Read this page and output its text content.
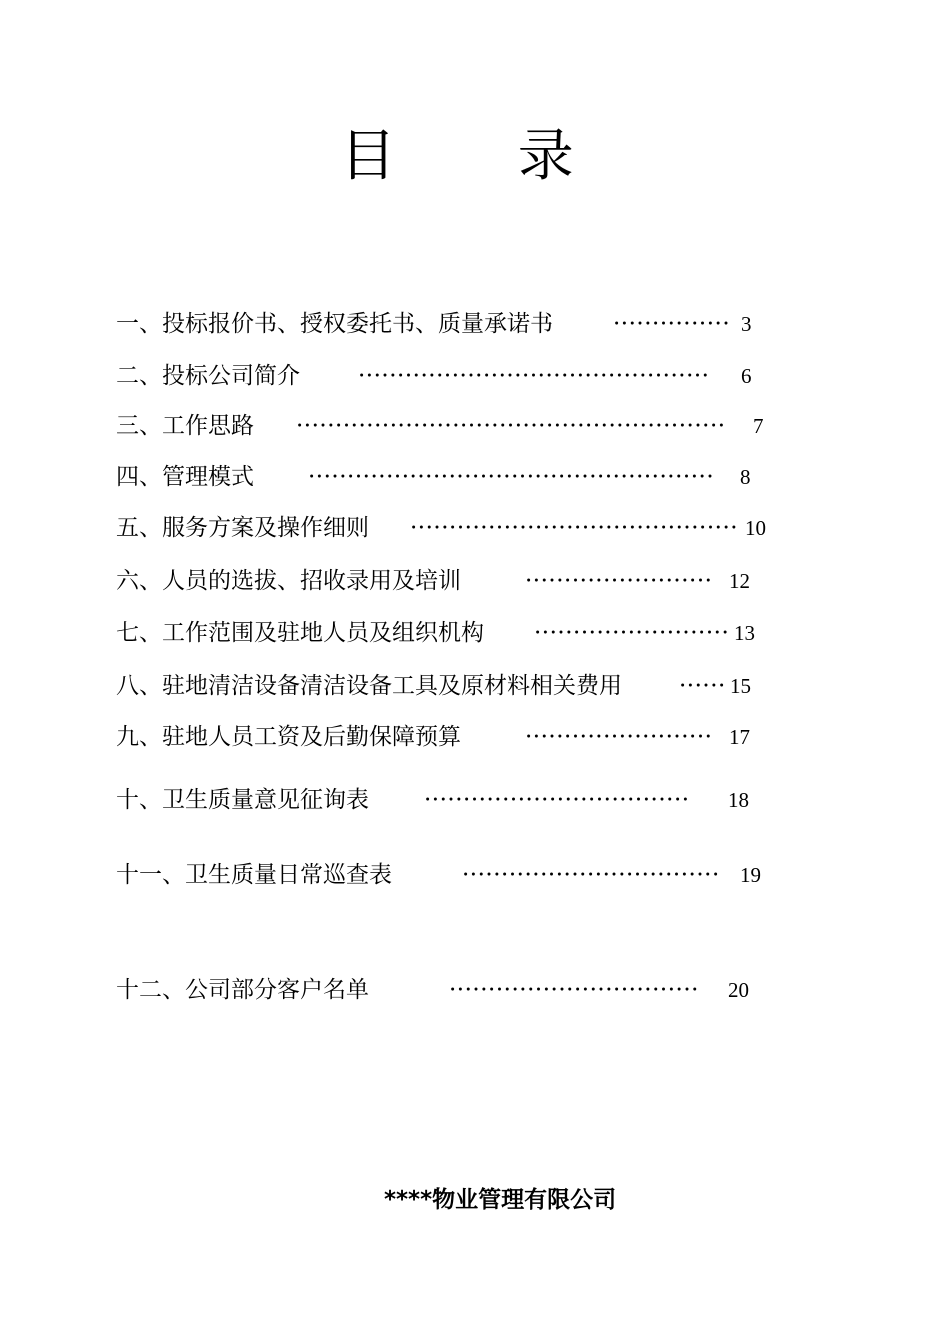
目 录
一、投标报价书、授权委托书、质量承诺书	··············· 3
二、投标公司简介	············································· 6
三、工作思路 ······················································· 7
四、管理模式 ···················································· 8
五、服务方案及操作细则 ·········································· 10
六、人员的选拔、招收录用及培训	························ 12
七、工作范围及驻地人员及组织机构 ························· 13
八、驻地清洁设备清洁设备工具及原材料相关费用 ······ 15
九、驻地人员工资及后勤保障预算	························ 17
十、卫生质量意见征询表 ·································· 18
十一、卫生质量日常巡查表	································· 19
十二、公司部分客户名单	································ 20
****物业管理有限公司
